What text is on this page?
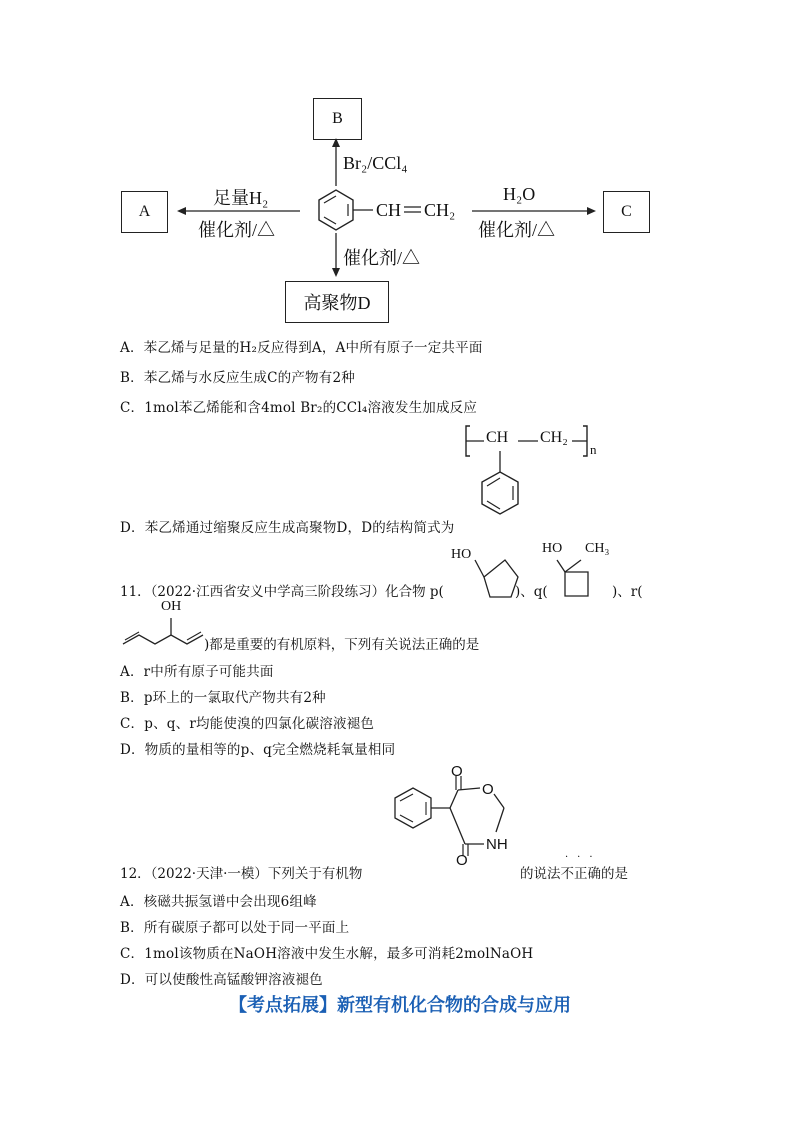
B
A	C
高聚物D
CH CH₂
Br₂/CCl₄
足量H₂
催化剂/△
H₂O
催化剂/△
催化剂/△
A．苯乙烯与足量的H₂反应得到A，A中所有原子一定共平面
B．苯乙烯与水反应生成C的产物有2种
C．1mol苯乙烯能和含4mol Br₂的CCl₄溶液发生加成反应
CH CH₂
n
D．苯乙烯通过缩聚反应生成高聚物D，D的结构简式为
11．（2022·江西省安义中学高三阶段练习）化合物 p(
HO
)、q(
HO CH₃
)、r(
OH
)都是重要的有机原料，下列有关说法正确的是
A．r中所有原子可能共面
B．p环上的一氯取代产物共有2种
C．p、q、r均能使溴的四氯化碳溶液褪色
D．物质的量相等的p、q完全燃烧耗氧量相同
O
O
NH
O
12．（2022·天津·一模）下列关于有机物	的说法不正确的是
·​·​·
A．核磁共振氢谱中会出现6组峰
B．所有碳原子都可以处于同一平面上
C．1mol该物质在NaOH溶液中发生水解，最多可消耗2molNaOH
D．可以使酸性高锰酸钾溶液褪色
【考点拓展】新型有机化合物的合成与应用
